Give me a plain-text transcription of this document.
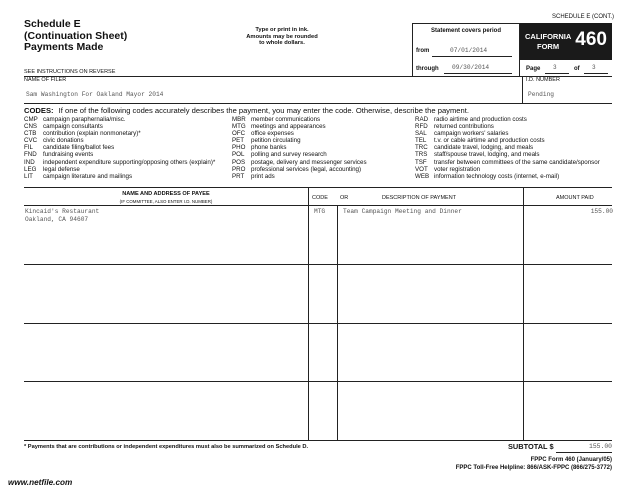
Schedule E
(Continuation Sheet)
Payments Made
Type or print in ink.
Amounts may be rounded
to whole dollars.
SCHEDULE E (CONT.)
Statement covers period
from	07/01/2014
through 09/30/2014
CALIFORNIA
FORM 460
Page 3	of 3
SEE INSTRUCTIONS ON REVERSE
NAME OF FILER	I.D. NUMBER
Sam Washington For Oakland Mayor 2014	Pending
CODES: If one of the following codes accurately describes the payment, you may enter the code. Otherwise, describe the payment.
CMP campaign paraphernalia/misc.
CNS campaign consultants
CTB contribution (explain nonmonetary)*
CVC civic donations
FIL candidate filing/ballot fees
FND fundraising events
IND independent expenditure supporting/opposing others (explain)*
LEG legal defense
LIT campaign literature and mailings
MBR member communications
MTG meetings and appearances
OFC office expenses
PET petition circulating
PHO phone banks
POL polling and survey research
POS postage, delivery and messenger services
PRO professional services (legal, accounting)
PRT print ads
RAD radio airtime and production costs
RFD returned contributions
SAL campaign workers' salaries
TEL t.v. or cable airtime and production costs
TRC candidate travel, lodging, and meals
TRS staff/spouse travel, lodging, and meals
TSF transfer between committees of the same candidate/sponsor
VOT voter registration
WEB information technology costs (internet, e-mail)
NAME AND ADDRESS OF PAYEE
(IF COMMITTEE, ALSO ENTER I.D. NUMBER)
CODE OR	DESCRIPTION OF PAYMENT	AMOUNT PAID
Kincaid's Restaurant
Oakland, CA 94607
MTG	Team Campaign Meeting and Dinner	155.00
* Payments that are contributions or independent expenditures must also be summarized on Schedule D.	SUBTOTAL $	155.00
FPPC Form 460 (January/05)
FPPC Toll-Free Helpline: 866/ASK-FPPC (866/275-3772)
www.netfile.com
